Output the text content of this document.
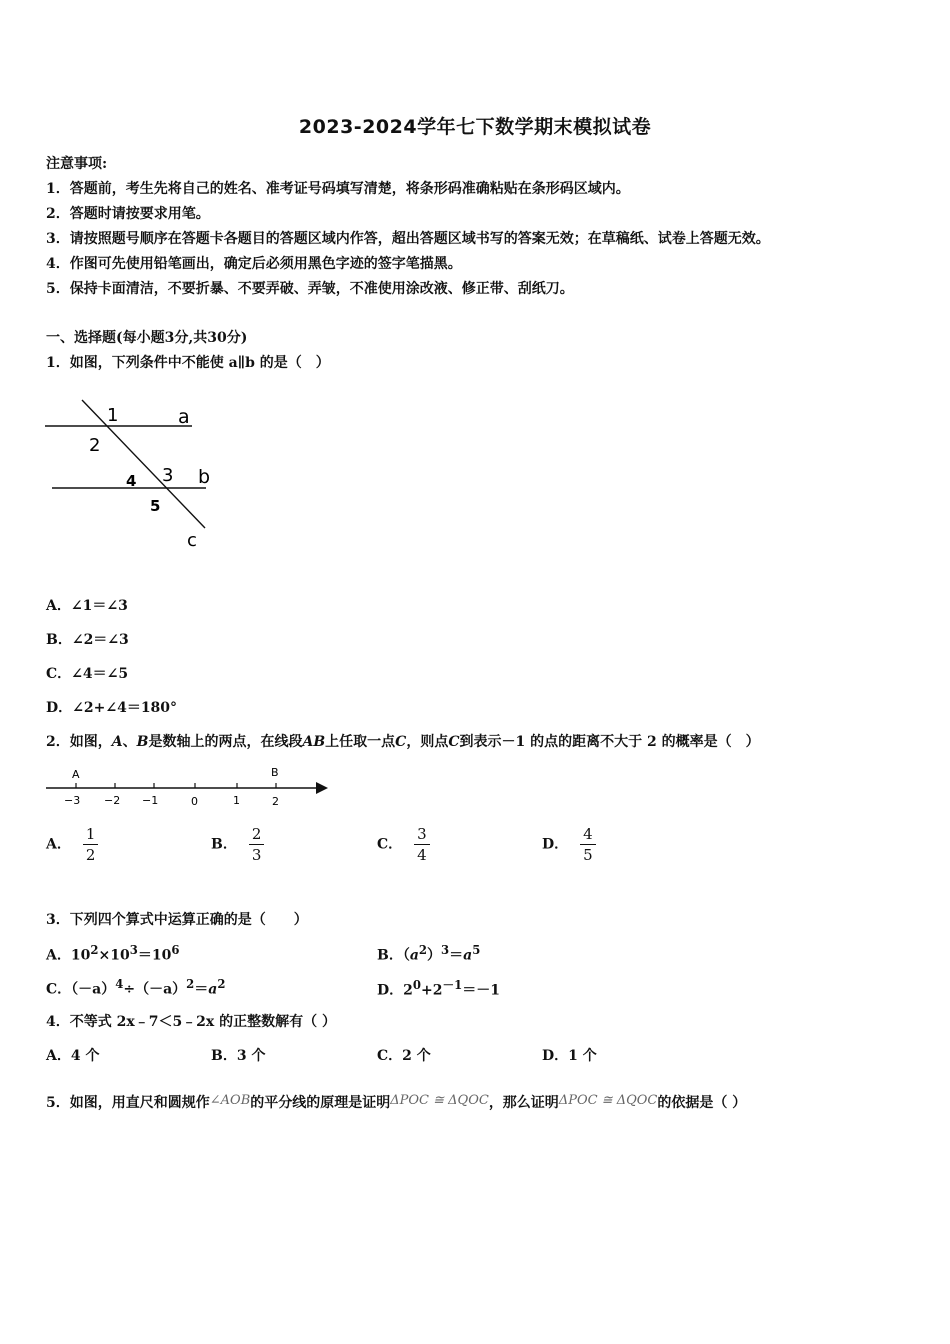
2023-2024学年七下数学期末模拟试卷
注意事项:
1．答题前，考生先将自己的姓名、准考证号码填写清楚，将条形码准确粘贴在条形码区域内。
2．答题时请按要求用笔。
3．请按照题号顺序在答题卡各题目的答题区域内作答，超出答题区域书写的答案无效；在草稿纸、试卷上答题无效。
4．作图可先使用铅笔画出，确定后必须用黑色字迹的签字笔描黑。
5．保持卡面清洁，不要折暴、不要弄破、弄皱，不准使用涂改液、修正带、刮纸刀。
一、选择题(每小题3分,共30分)
1．如图，下列条件中不能使 a∥b 的是（　）
1	a
2
3 b
4
5
c
A．∠1＝∠3
B．∠2＝∠3
C．∠4＝∠5
D．∠2+∠4＝180°
2．如图，A、B是数轴上的两点，在线段AB上任取一点C，则点C到表示－1 的点的距离不大于 2 的概率是（　）
A	B
−3 −2 −1	0	1	2
A． $\frac{1}{2}$	B． $\frac{2}{3}$	C． $\frac{3}{4}$	D． $\frac{4}{5}$
3．下列四个算式中运算正确的是（　　）
A．$10^2\times 10^3=10^6$	B．$(a^2)^3=a^5$
C．$(-a)^4\div(-a)^2=a^2$	D．$2^0+2^{-1}=-1$
4．不等式 2x﹣7＜5﹣2x 的正整数解有（ ）
A．4 个	B．3 个	C．2 个	D．1 个
5．如图，用直尺和圆规作∠AOB的平分线的原理是证明ΔPOC ≅ ΔQOC，那么证明ΔPOC ≅ ΔQOC的依据是（ ）
